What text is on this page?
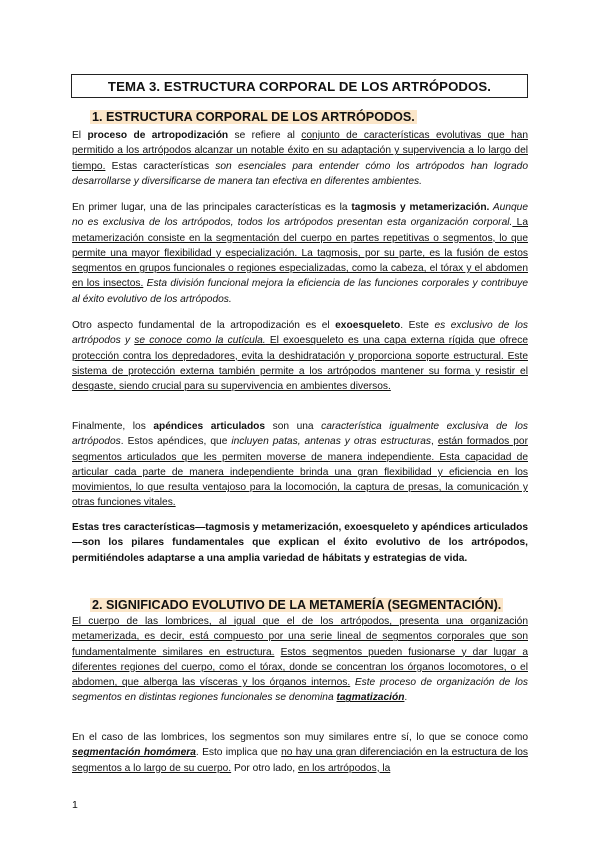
TEMA 3. ESTRUCTURA CORPORAL DE LOS ARTRÓPODOS.
1. ESTRUCTURA CORPORAL DE LOS ARTRÓPODOS.

El proceso de artropodización se refiere al conjunto de características evolutivas que han permitido a los artrópodos alcanzar un notable éxito en su adaptación y supervivencia a lo largo del tiempo. Estas características son esenciales para entender cómo los artrópodos han logrado desarrollarse y diversificarse de manera tan efectiva en diferentes ambientes.

En primer lugar, una de las principales características es la tagmosis y metamerización. Aunque no es exclusiva de los artrópodos, todos los artrópodos presentan esta organización corporal. La metamerización consiste en la segmentación del cuerpo en partes repetitivas o segmentos, lo que permite una mayor flexibilidad y especialización. La tagmosis, por su parte, es la fusión de estos segmentos en grupos funcionales o regiones especializadas, como la cabeza, el tórax y el abdomen en los insectos. Esta división funcional mejora la eficiencia de las funciones corporales y contribuye al éxito evolutivo de los artrópodos.

Otro aspecto fundamental de la artropodización es el exoesqueleto. Este es exclusivo de los artrópodos y se conoce como la cutícula. El exoesqueleto es una capa externa rígida que ofrece protección contra los depredadores, evita la deshidratación y proporciona soporte estructural. Este sistema de protección externa también permite a los artrópodos mantener su forma y resistir el desgaste, siendo crucial para su supervivencia en ambientes diversos.

Finalmente, los apéndices articulados son una característica igualmente exclusiva de los artrópodos. Estos apéndices, que incluyen patas, antenas y otras estructuras, están formados por segmentos articulados que les permiten moverse de manera independiente. Esta capacidad de articular cada parte de manera independiente brinda una gran flexibilidad y eficiencia en los movimientos, lo que resulta ventajoso para la locomoción, la captura de presas, la comunicación y otras funciones vitales.

Estas tres características—tagmosis y metamerización, exoesqueleto y apéndices articulados—son los pilares fundamentales que explican el éxito evolutivo de los artrópodos, permitiéndoles adaptarse a una amplia variedad de hábitats y estrategias de vida.

2. SIGNIFICADO EVOLUTIVO DE LA METAMERÍA (SEGMENTACIÓN).

El cuerpo de las lombrices, al igual que el de los artrópodos, presenta una organización metamerizada, es decir, está compuesto por una serie lineal de segmentos corporales que son fundamentalmente similares en estructura. Estos segmentos pueden fusionarse y dar lugar a diferentes regiones del cuerpo, como el tórax, donde se concentran los órganos locomotores, o el abdomen, que alberga las vísceras y los órganos internos. Este proceso de organización de los segmentos en distintas regiones funcionales se denomina tagmatización.

En el caso de las lombrices, los segmentos son muy similares entre sí, lo que se conoce como segmentación homómera. Esto implica que no hay una gran diferenciación en la estructura de los segmentos a lo largo de su cuerpo. Por otro lado, en los artrópodos, la

1
